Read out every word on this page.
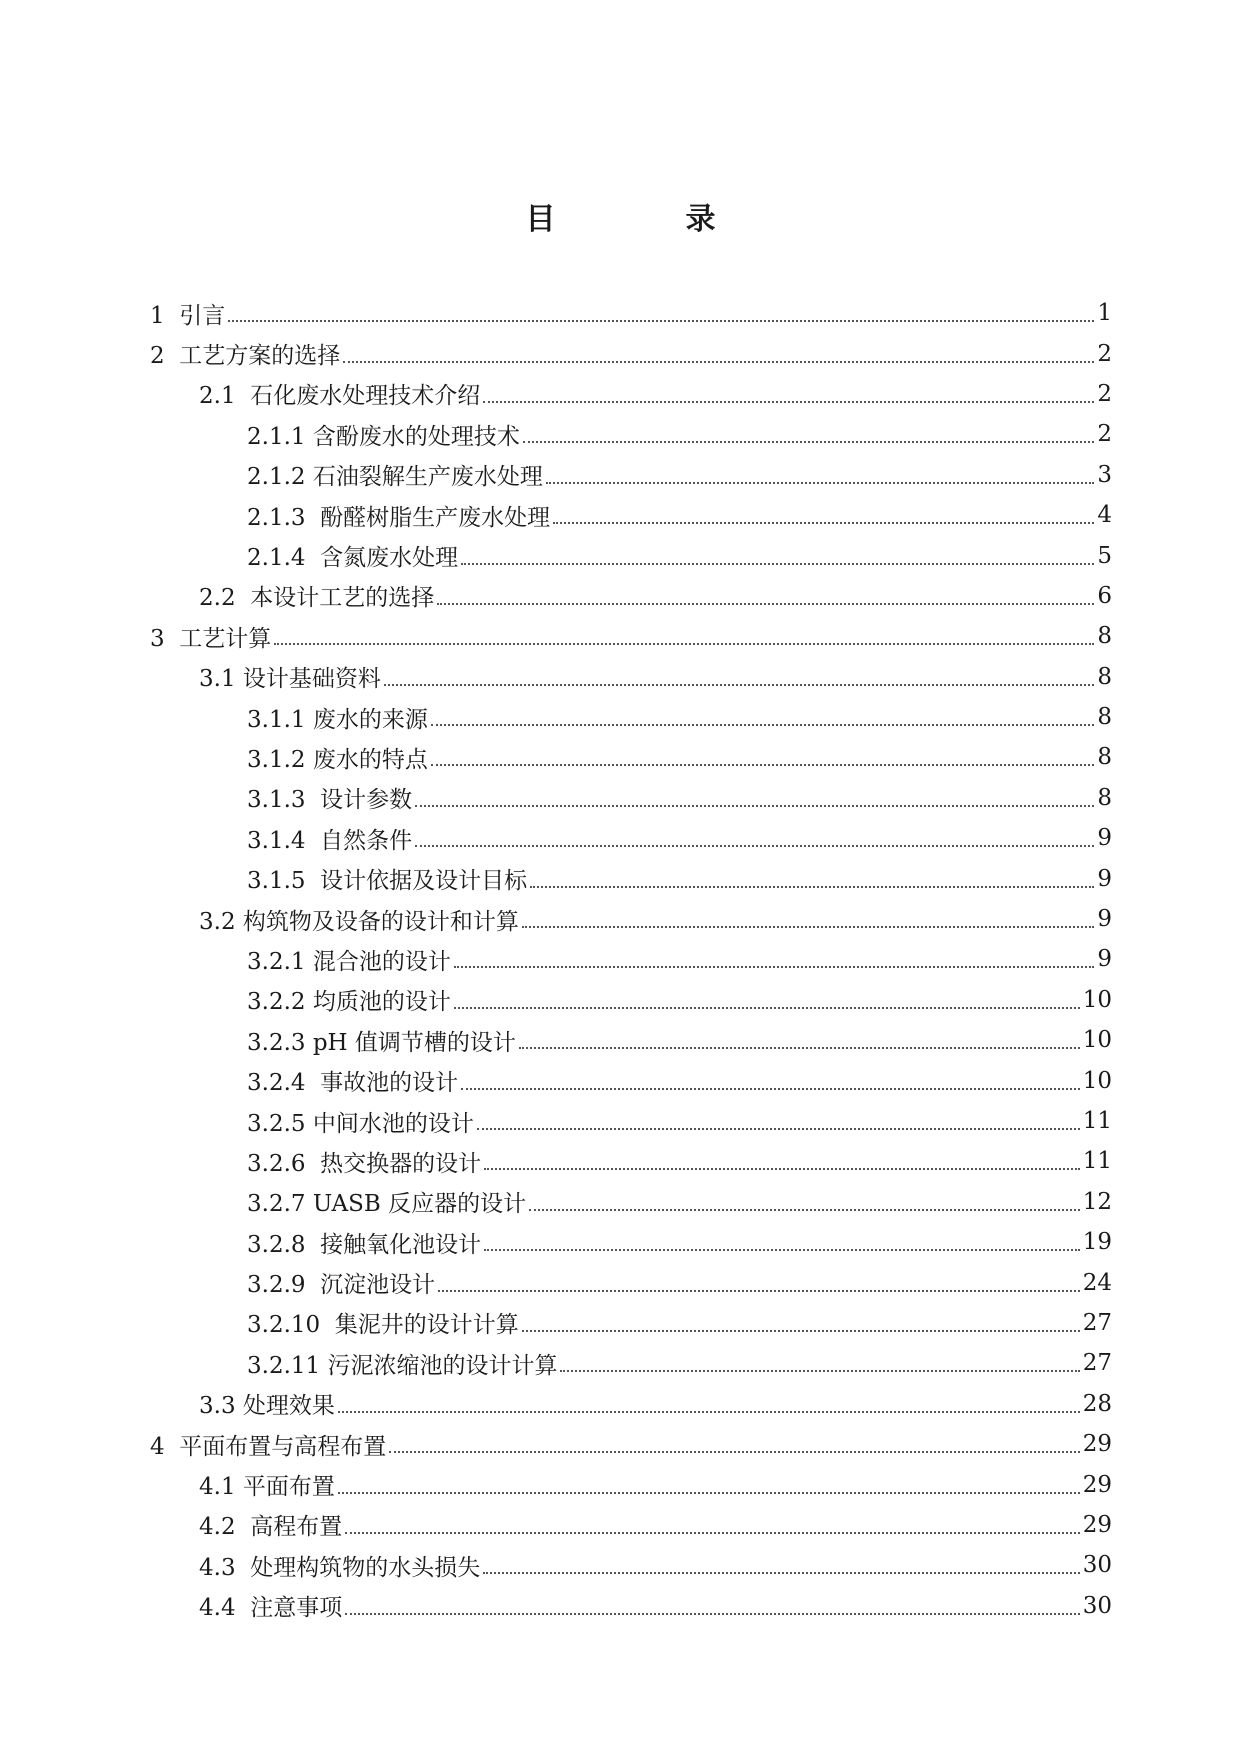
目　录
1  引言	1
2  工艺方案的选择	2
2.1  石化废水处理技术介绍	2
2.1.1 含酚废水的处理技术	2
2.1.2 石油裂解生产废水处理	3
2.1.3  酚醛树脂生产废水处理	4
2.1.4  含氮废水处理	5
2.2  本设计工艺的选择	6
3  工艺计算	8
3.1 设计基础资料	8
3.1.1 废水的来源	8
3.1.2 废水的特点	8
3.1.3  设计参数	8
3.1.4  自然条件	9
3.1.5  设计依据及设计目标	9
3.2 构筑物及设备的设计和计算	9
3.2.1 混合池的设计	9
3.2.2 均质池的设计	10
3.2.3 pH 值调节槽的设计	10
3.2.4  事故池的设计	10
3.2.5 中间水池的设计	11
3.2.6  热交换器的设计	11
3.2.7 UASB 反应器的设计	12
3.2.8  接触氧化池设计	19
3.2.9  沉淀池设计	24
3.2.10  集泥井的设计计算	27
3.2.11 污泥浓缩池的设计计算	27
3.3 处理效果	28
4  平面布置与高程布置	29
4.1 平面布置	29
4.2  高程布置	29
4.3  处理构筑物的水头损失	30
4.4  注意事项	30
